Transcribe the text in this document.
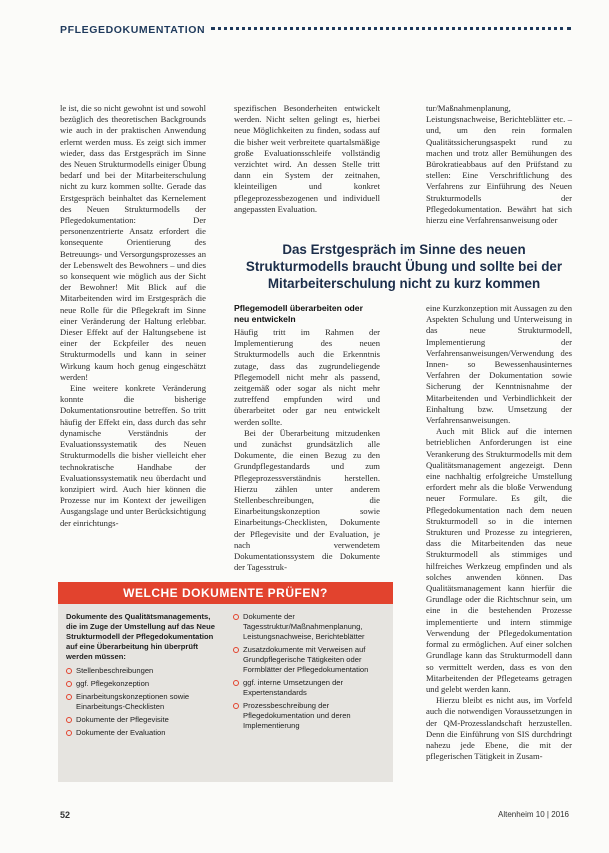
PFLEGEDOKUMENTATION

le ist, die so nicht gewohnt ist und sowohl bezüglich des theoretischen Backgrounds wie auch in der praktischen Anwendung erlernt werden muss. Es zeigt sich immer wieder, dass das Erstgespräch im Sinne des Neuen Strukturmodells einiger Übung bedarf und bei der Mitarbeiterschulung nicht zu kurz kommen sollte. Gerade das Erstgespräch beinhaltet das Kernelement des Neuen Strukturmodells der Pflegedokumentation: Der personenzentrierte Ansatz erfordert die konsequente Orientierung des Betreuungs- und Versorgungsprozesses an der Lebenswelt des Bewohners – und dies so konsequent wie möglich aus der Sicht der Bewohner! Mit Blick auf die Mitarbeitenden wird im Erstgespräch die neue Rolle für die Pflegekraft im Sinne einer Veränderung der Haltung erlebbar. Dieser Effekt auf der Haltungsebene ist einer der Eckpfeiler des neuen Strukturmodells und kann in seiner Wirkung kaum hoch genug eingeschätzt werden!

Eine weitere konkrete Veränderung konnte die bisherige Dokumentationsroutine betreffen. So tritt häufig der Effekt ein, dass durch das sehr dynamische Verständnis der Evaluationssystematik des Neuen Strukturmodells die bisher vielleicht eher technokratische Handhabe der Evaluationssystematik neu überdacht und konzipiert wird. Auch hier können die Prozesse nur im Kontext der jeweiligen Ausgangslage und unter Berücksichtigung der einrichtungs-

spezifischen Besonderheiten entwickelt werden. Nicht selten gelingt es, hierbei neue Möglichkeiten zu finden, sodass auf die bisher weit verbreitete quartalsmäßige große Evaluationsschleife vollständig verzichtet wird. An dessen Stelle tritt dann ein System der zeitnahen, kleinteiligen und konkret pflegeprozessbezogenen und individuell angepassten Evaluation.

tur/Maßnahmenplanung, Leistungsnachweise, Berichteblätter etc. – und, um den rein formalen Qualitätssicherungsaspekt rund zu machen und trotz aller Bemühungen des Bürokratieabbaus auf den Prüfstand zu stellen: Eine Verschriftlichung des Verfahrens zur Einführung des Neuen Strukturmodells der Pflegedokumentation. Bewährt hat sich hierzu eine Verfahrensanweisung oder

Das Erstgespräch im Sinne des neuen Strukturmodells braucht Übung und sollte bei der Mitarbeiterschulung nicht zu kurz kommen
Pflegemodell überarbeiten oder neu entwickeln

Häufig tritt im Rahmen der Implementierung des neuen Strukturmodells auch die Erkenntnis zutage, dass das zugrundeliegende Pflegemodell nicht mehr als passend, zeitgemäß oder sogar als nicht mehr zutreffend empfunden wird und überarbeitet oder gar neu entwickelt werden sollte.

Bei der Überarbeitung mitzudenken und zunächst grundsätzlich alle Dokumente, die einen Bezug zu den Grundpflegestandards und zum Pflegeprozessverständnis herstellen. Hierzu zählen unter anderem Stellenbeschreibungen, die Einarbeitungskonzeption sowie Einarbeitungs-Checklisten, Dokumente der Pflegevisite und der Evaluation, je nach verwendetem Dokumentationssystem die Dokumente der Tagesstruk-

eine Kurzkonzeption mit Aussagen zu den Aspekten Schulung und Unterweisung in das neue Strukturmodell, Implementierung der Verfahrensanweisungen/Verwendung des Innen- so Bewessenhausinternes Verfahren der Dokumentation sowie Sicherung der Kenntnisnahme der Mitarbeitenden und Verbindlichkeit der Einhaltung bzw. Umsetzung der Verfahrensanweisungen.

Auch mit Blick auf die internen betrieblichen Anforderungen ist eine Verankerung des Strukturmodells mit dem Qualitätsmanagement angezeigt. Denn eine nachhaltig erfolgreiche Umstellung erfordert mehr als die bloße Verwendung neuer Formulare. Es gilt, die Pflegedokumentation nach dem neuen Strukturmodell so in die internen Strukturen und Prozesse zu integrieren, dass die Mitarbeitenden das neue Strukturmodell als stimmiges und hilfreiches Werkzeug empfinden und als solches anwenden können. Das Qualitätsmanagement kann hierfür die Grundlage oder die Richtschnur sein, um eine in die bestehenden Prozesse implementierte und intern stimmige Verwendung der Pflegedokumentation formal zu ermöglichen. Auf einer solchen Grundlage kann das Strukturmodell dann so vermittelt werden, dass es von den Mitarbeitenden der Pflegeteams getragen und gelebt werden kann.

Hierzu bleibt es nicht aus, im Vorfeld auch die notwendigen Voraussetzungen in der QM-Prozesslandschaft herzustellen. Denn die Einführung von SIS durchdringt nahezu jede Ebene, die mit der pflegerischen Tätigkeit in Zusam-

WELCHE DOKUMENTE PRÜFEN?
Dokumente des Qualitätsmanagements, die im Zuge der Umstellung auf das Neue Strukturmodell der Pflegedokumentation auf eine Überarbeitung hin überprüft werden müssen:
Stellenbeschreibungen
ggf. Pflegekonzeption
Einarbeitungskonzeptionen sowie Einarbeitungs-Checklisten
Dokumente der Pflegevisite
Dokumente der Evaluation
Dokumente der Tagesstruktur/Maßnahmenplanung, Leistungsnachweise, Berichteblätter
Zusatzdokumente mit Verweisen auf Grundpflegerische Tätigkeiten oder Formblätter der Pflegedokumentation
ggf. interne Umsetzungen der Expertenstandards
Prozessbeschreibung der Pflegedokumentation und deren Implementierung
52	Altenheim 10 | 2016
